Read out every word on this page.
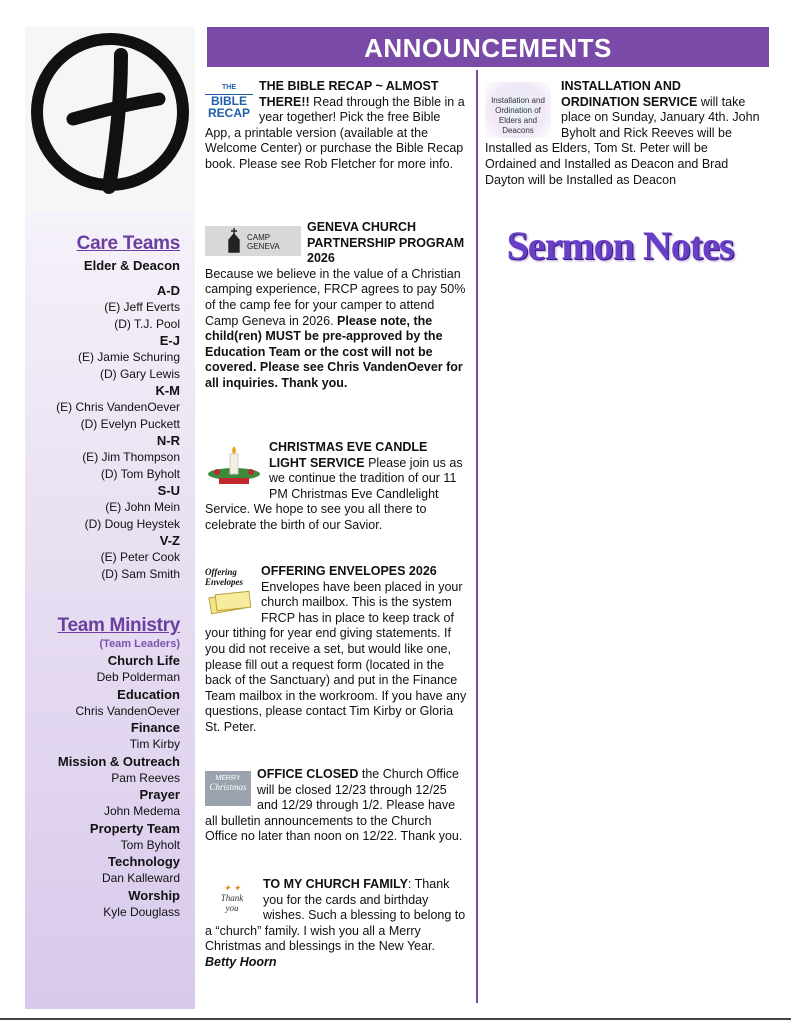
Care Teams
Elder & Deacon
A-D
(E) Jeff Everts
(D) T.J. Pool
E-J
(E) Jamie Schuring
(D) Gary Lewis
K-M
(E) Chris VandenOever
(D) Evelyn Puckett
N-R
(E) Jim Thompson
(D) Tom Byholt
S-U
(E) John Mein
(D) Doug Heystek
V-Z
(E) Peter Cook
(D) Sam Smith
Team Ministry
(Team Leaders)
Church Life
Deb Polderman
Education
Chris VandenOever
Finance
Tim Kirby
Mission & Outreach
Pam Reeves
Prayer
John Medema
Property Team
Tom Byholt
Technology
Dan Kalleward
Worship
Kyle Douglass
ANNOUNCEMENTS
THE
BIBLE
RECAP
THE BIBLE RECAP ~ ALMOST THERE!! Read through the Bible in a year together! Pick the free Bible App, a printable version (available at the Welcome Center) or purchase the Bible Recap book. Please see Rob Fletcher for more info.
CAMP
GENEVA
GENEVA CHURCH PARTNERSHIP PROGRAM 2026
Because we believe in the value of a Christian camping experience, FRCP agrees to pay 50% of the camp fee for your camper to attend Camp Geneva in 2026. Please note, the child(ren) MUST be pre-approved by the Education Team or the cost will not be covered. Please see Chris VandenOever for all inquiries. Thank you.
CHRISTMAS EVE CANDLE LIGHT SERVICE Please join us as we continue the tradition of our 11 PM Christmas Eve Candlelight Service. We hope to see you all there to celebrate the birth of our Savior.
Offering
Envelopes
OFFERING ENVELOPES 2026 Envelopes have been placed in your church mailbox. This is the system FRCP has in place to keep track of your tithing for year end giving statements. If you did not receive a set, but would like one, please fill out a request form (located in the back of the Sanctuary) and put in the Finance Team mailbox in the workroom. If you have any questions, please contact Tim Kirby or Gloria St. Peter.
MERRY
Christmas
OFFICE CLOSED the Church Office will be closed 12/23 through 12/25 and 12/29 through 1/2. Please have all bulletin announcements to the Church Office no later than noon on 12/22. Thank you.
✦ ✦
Thank
you
TO MY CHURCH FAMILY: Thank you for the cards and birthday wishes. Such a blessing to belong to a “church” family. I wish you all a Merry Christmas and blessings in the New Year. Betty Hoorn
Installation and
Ordination of
Elders and
Deacons
INSTALLATION AND ORDINATION SERVICE will take place on Sunday, January 4th. John Byholt and Rick Reeves will be Installed as Elders, Tom St. Peter will be Ordained and Installed as Deacon and Brad Dayton will be Installed as Deacon
Sermon Notes
